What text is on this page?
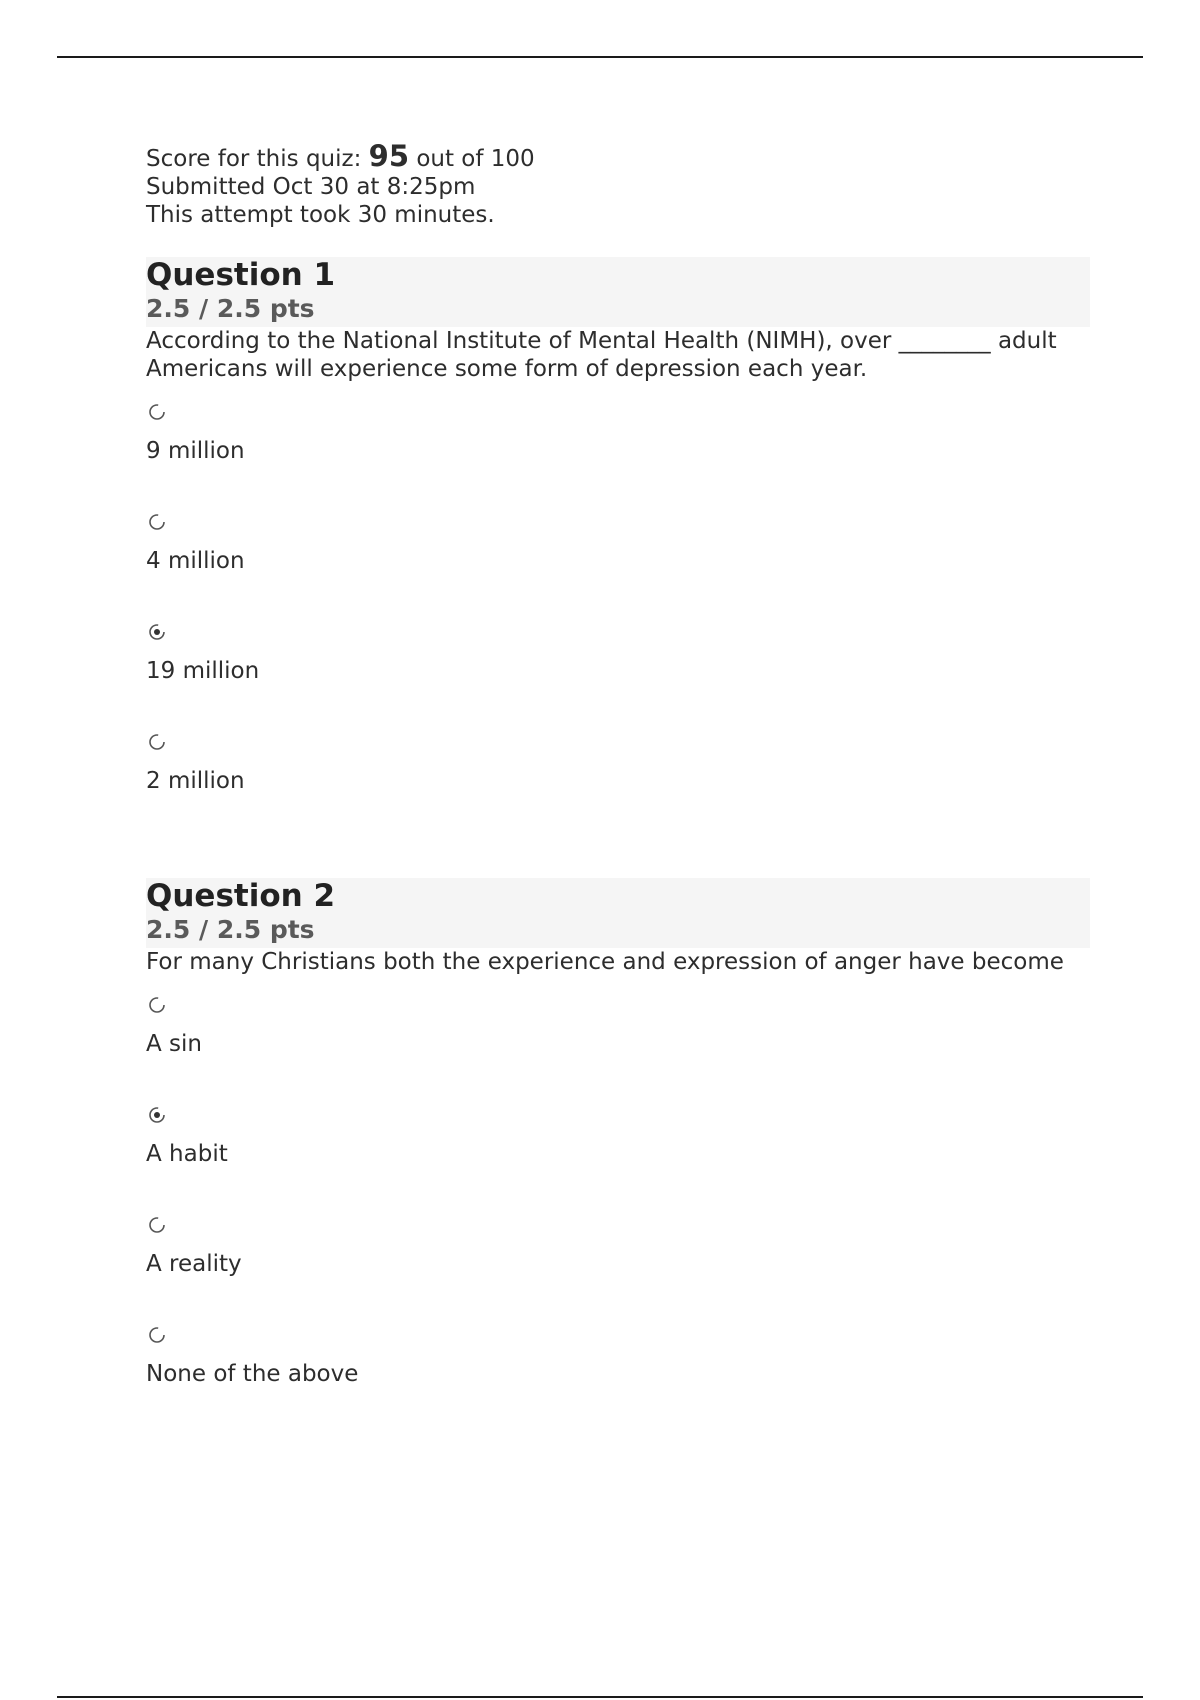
Score for this quiz: 95 out of 100
Submitted Oct 30 at 8:25pm
This attempt took 30 minutes.
Question 1
2.5 / 2.5 pts
According to the National Institute of Mental Health (NIMH), over ________ adult Americans will experience some form of depression each year.
9 million
4 million
19 million
2 million
Question 2
2.5 / 2.5 pts
For many Christians both the experience and expression of anger have become
A sin
A habit
A reality
None of the above
